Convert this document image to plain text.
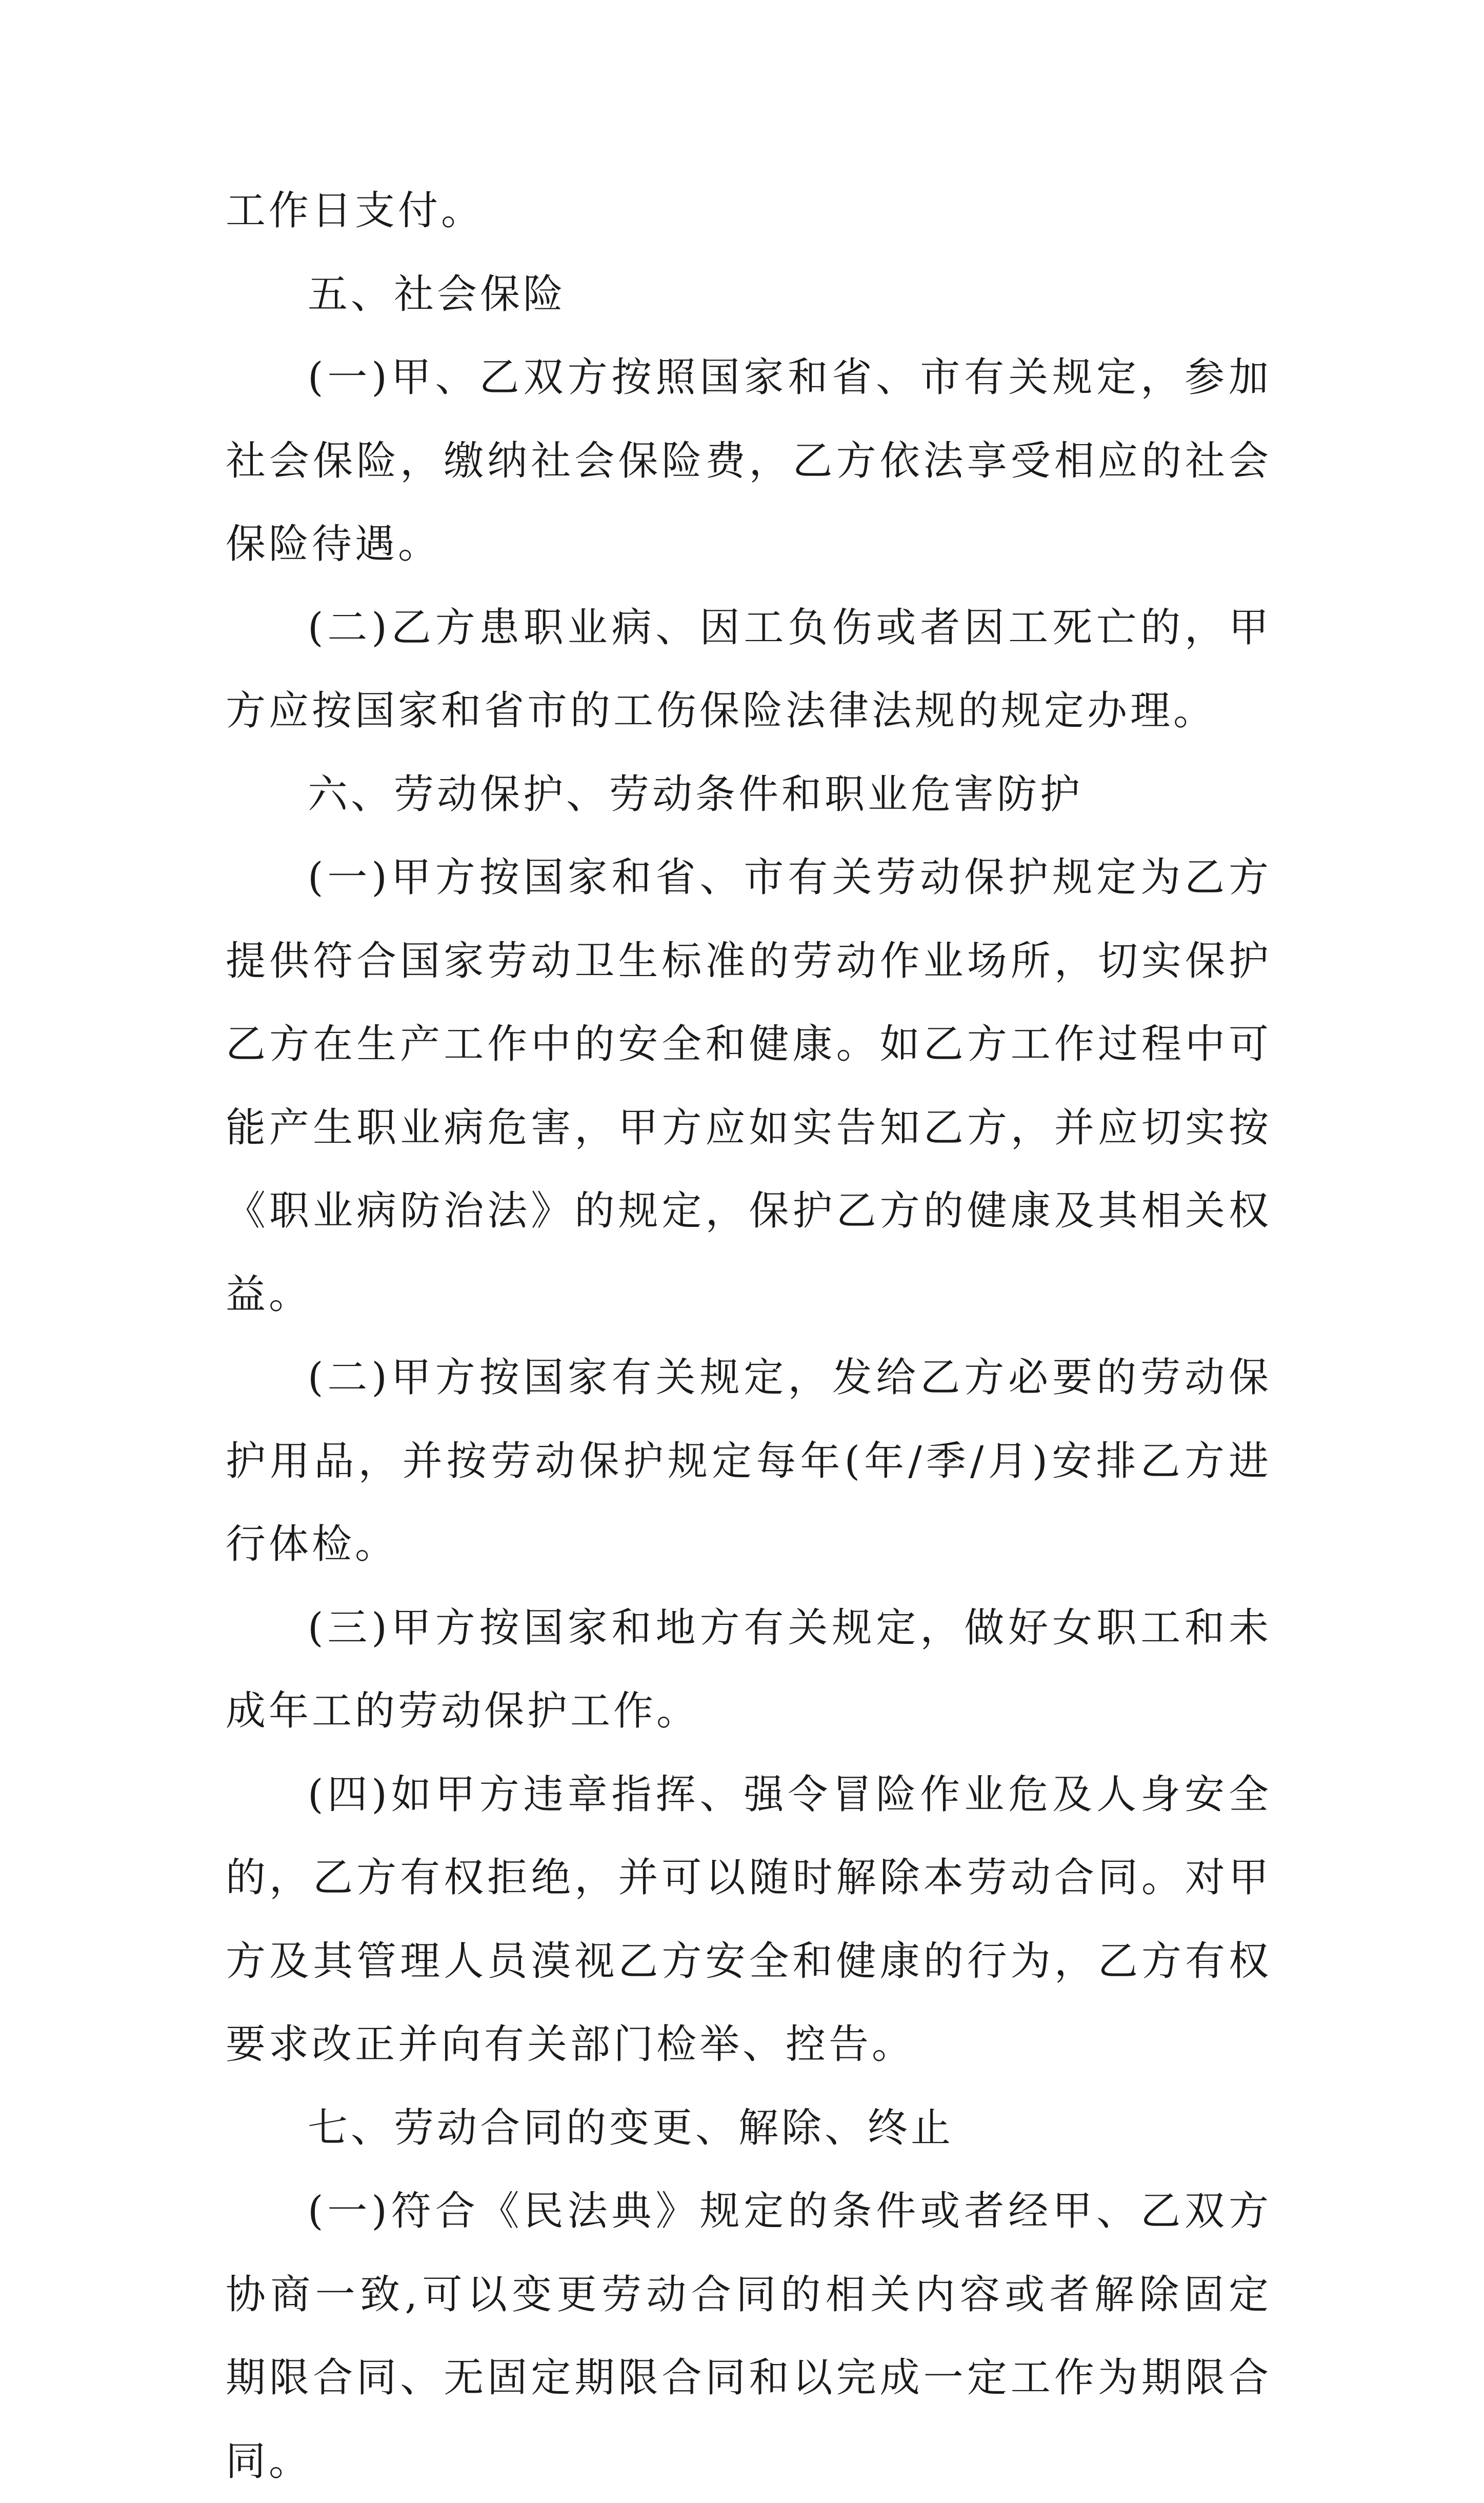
工作日支付。

五、社会保险

(一)甲、乙双方按照国家和省、市有关规定，参加社会保险，缴纳社会保险费，乙方依法享受相应的社会保险待遇。

(二)乙方患职业病、因工负伤或者因工死亡的，甲方应按国家和省市的工伤保险法律法规的规定办理。

六、劳动保护、劳动条件和职业危害防护

(一)甲方按国家和省、市有关劳动保护规定为乙方提供符合国家劳动卫生标准的劳动作业场所，切实保护乙方在生产工作中的安全和健康。如乙方工作过程中可能产生职业病危害，甲方应如实告知乙方，并应切实按《职业病防治法》的规定，保护乙方的健康及其相关权益。

(二)甲方按国家有关规定，发给乙方必要的劳动保护用品，并按劳动保护规定每年(年/季/月)安排乙方进行体检。

(三)甲方按国家和地方有关规定，做好女职工和未成年工的劳动保护工作。

(四)如甲方违章指挥、强令冒险作业危及人身安全的，乙方有权拒绝，并可以随时解除本劳动合同。对甲方及其管理人员漠视乙方安全和健康的行为，乙方有权要求改正并向有关部门检举、控告。

七、劳动合同的变更、解除、终止

(一)符合《民法典》规定的条件或者经甲、乙双方协商一致,可以变更劳动合同的相关内容或者解除固定期限合同、无固定期限合同和以完成一定工作为期限合同。
